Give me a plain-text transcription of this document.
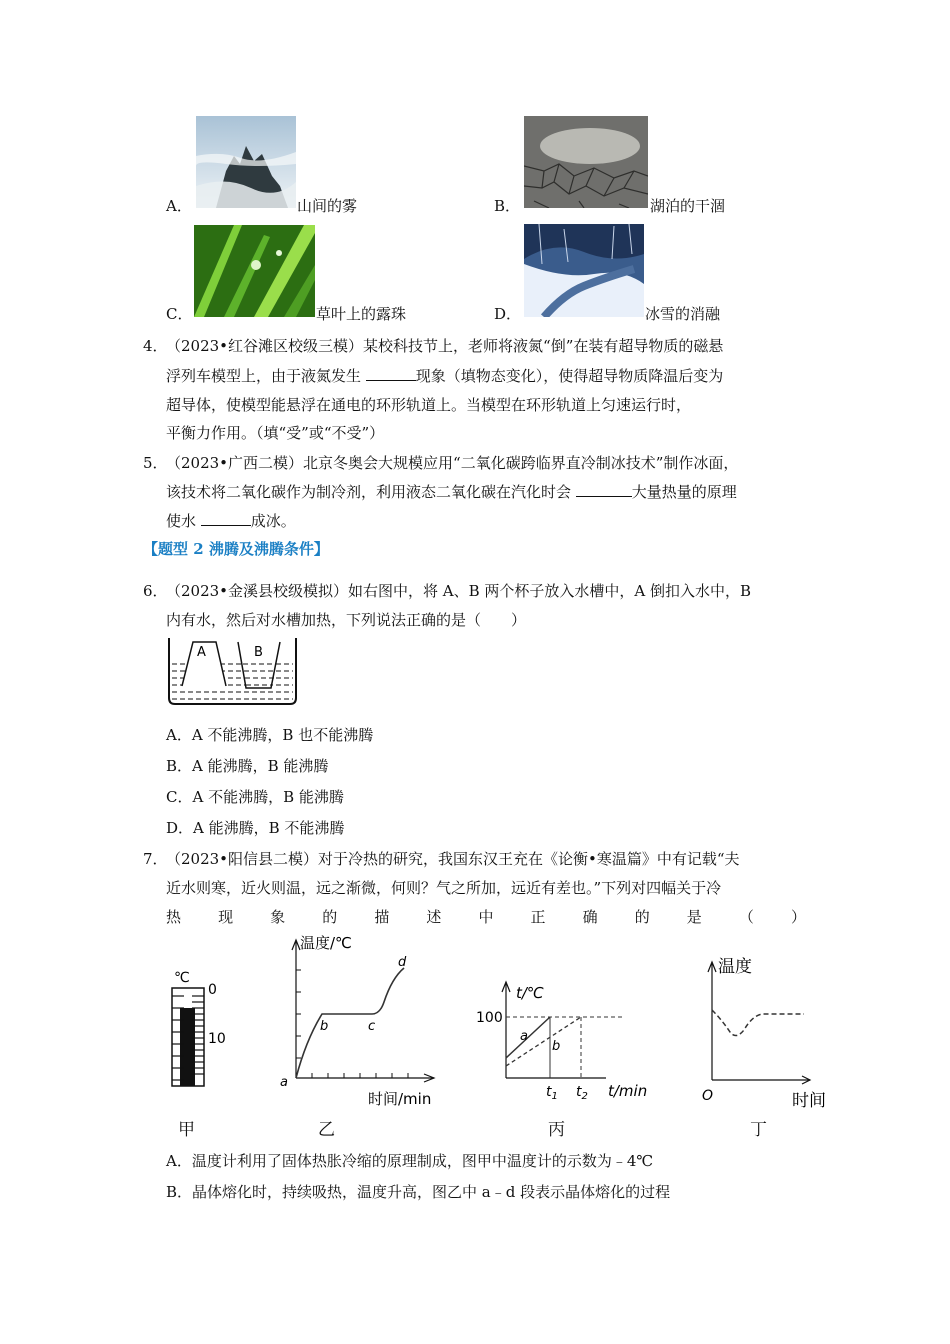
A．	山间的雾	B．	湖泊的干涸
C．	草叶上的露珠	D．	冰雪的消融
4．
（2023•红谷滩区校级三模）某校科技节上，老师将液氮“倒”在装有超导物质的磁悬
浮列车模型上，由于液氮发生	现象（填物态变化），使得超导物质降温后变为
超导体，使模型能悬浮在通电的环形轨道上。当模型在环形轨道上匀速运行时，
平衡力作用。（填“受”或“不受”）
5．
（2023•广西二模）北京冬奥会大规模应用“二氧化碳跨临界直冷制冰技术”制作冰面，
该技术将二氧化碳作为制冷剂，利用液态二氧化碳在汽化时会	大量热量的原理
使水	成冰。
【题型 2 沸腾及沸腾条件】
6．
（2023•金溪县校级模拟）如右图中，将 A、B 两个杯子放入水槽中，A 倒扣入水中，B
内有水，然后对水槽加热，下列说法正确的是（　　）
A	B
A．A 不能沸腾，B 也不能沸腾
B．A 能沸腾，B 能沸腾
C．A 不能沸腾，B 能沸腾
D．A 能沸腾，B 不能沸腾
7．
（2023•阳信县二模）对于冷热的研究，我国东汉王充在《论衡•寒温篇》中有记载“夫
近水则寒，近火则温，远之渐微，何则？气之所加，远近有差也。”下列对四幅关于冷
热 现 象 的 描 述 中 正 确 的 是 （ ）
℃
0
10
甲
温度/℃
时间/min
a
b	c
d
乙
t/℃
100
a
b
$t_1$ $t_2$ t/min
丙
温度
O	时间
丁
A．温度计利用了固体热胀冷缩的原理制成，图甲中温度计的示数为﹣4℃
B．晶体熔化时，持续吸热，温度升高，图乙中 a﹣d 段表示晶体熔化的过程
